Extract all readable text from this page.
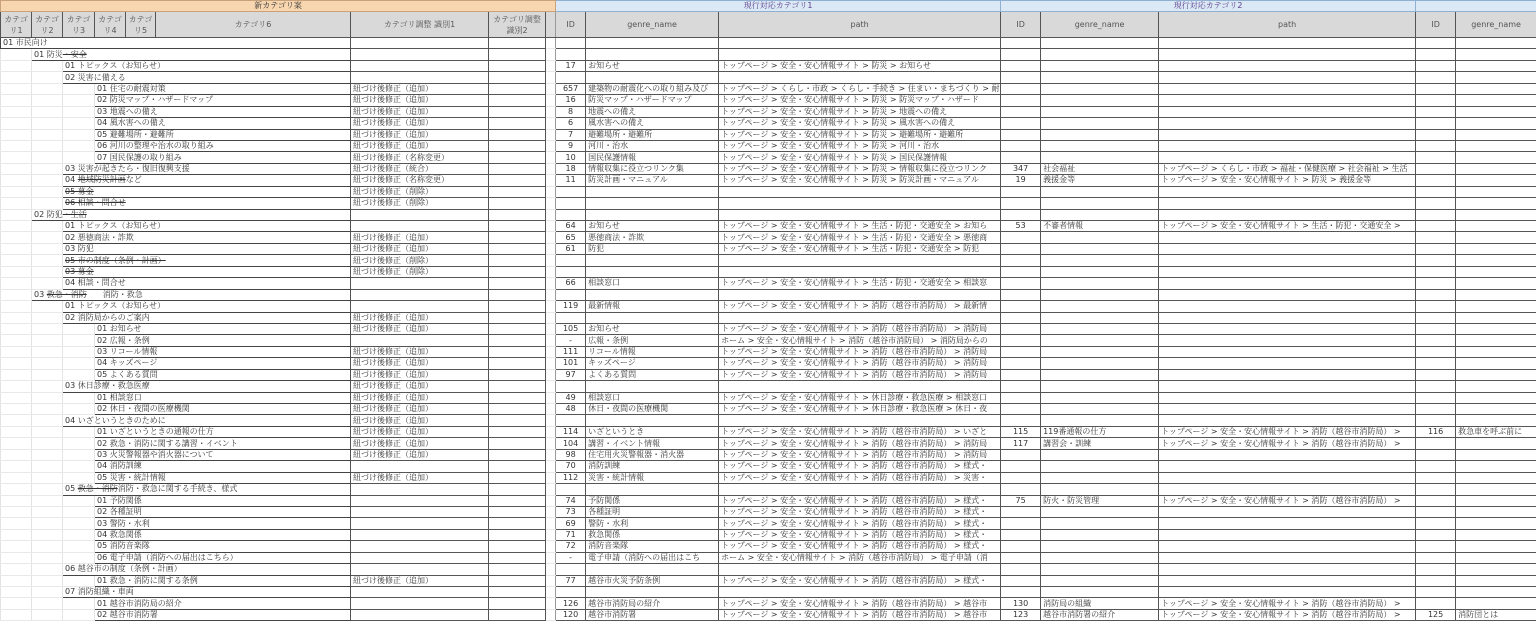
新カテゴリ案									現行対応カテゴリ1			現行対応カテゴリ2				
カテゴリ1	カテゴリ2	カテゴリ3	カテゴリ4	カテゴリ5	カテゴリ6	カテゴリ調整 識別1	カテゴリ調整 識別2		ID	genre_name	path	ID	genre_name	path	ID	genre_name
01 市民向け																
	01 防災・安全															
		01 トピックス（お知らせ）							17	お知らせ	トップページ > 安全・安心情報サイト > 防災 > お知らせ					
		02 災害に備える														
			01 住宅の耐震対策			紐づけ後修正（追加）			657	建築物の耐震化への取り組み及び	トップページ > くらし・市政 > くらし・手続き > 住まい・まちづくり > 耐					
			02 防災マップ・ハザードマップ			紐づけ後修正（追加）			16	防災マップ・ハザードマップ	トップページ > 安全・安心情報サイト > 防災 > 防災マップ・ハザード					
			03 地震への備え			紐づけ後修正（追加）			8	地震への備え	トップページ > 安全・安心情報サイト > 防災 > 地震への備え					
			04 風水害への備え			紐づけ後修正（追加）			6	風水害への備え	トップページ > 安全・安心情報サイト > 防災 > 風水害への備え					
			05 避難場所・避難所			紐づけ後修正（追加）			7	避難場所・避難所	トップページ > 安全・安心情報サイト > 防災 > 避難場所・避難所					
			06 河川の整理や治水の取り組み			紐づけ後修正（追加）			9	河川・治水	トップページ > 安全・安心情報サイト > 防災 > 河川・治水					
			07 国民保護の取り組み			紐づけ後修正（名称変更）			10	国民保護情報	トップページ > 安全・安心情報サイト > 防災 > 国民保護情報					
		03 災害が起きたら・復旧復興支援				紐づけ後修正（統合）			18	情報収集に役立つリンク集	トップページ > 安全・安心情報サイト > 防災 > 情報収集に役立つリンク	347	社会福祉	トップページ > くらし・市政 > 福祉・保健医療 > 社会福祉 > 生活		
		04 地域防災計画など				紐づけ後修正（名称変更）			11	防災計画・マニュアル	トップページ > 安全・安心情報サイト > 防災 > 防災計画・マニュアル	19	義援金等	トップページ > 安全・安心情報サイト > 防災 > 義援金等		
		05 募金				紐づけ後修正（削除）										
		06 相談・問合せ				紐づけ後修正（削除）										
	02 防犯・生活															
		01 トピックス（お知らせ）							64	お知らせ	トップページ > 安全・安心情報サイト > 生活・防犯・交通安全 > お知ら	53	不審者情報	トップページ > 安全・安心情報サイト > 生活・防犯・交通安全 >		
		02 悪徳商法・詐欺				紐づけ後修正（追加）			65	悪徳商法・詐欺	トップページ > 安全・安心情報サイト > 生活・防犯・交通安全 > 悪徳商					
		03 防犯				紐づけ後修正（追加）			61	防犯	トップページ > 安全・安心情報サイト > 生活・防犯・交通安全 > 防犯					
		05 市の制度（条例・計画）				紐づけ後修正（削除）										
		03 募金				紐づけ後修正（削除）										
		04 相談・問合せ							66	相談窓口	トップページ > 安全・安心情報サイト > 生活・防犯・交通安全 > 相談窓					
	03 救急・消防　　消防・救急															
		01 トピックス（お知らせ）							119	最新情報	トップページ > 安全・安心情報サイト > 消防（越谷市消防局） > 最新情					
		02 消防局からのご案内				紐づけ後修正（追加）										
			01 お知らせ			紐づけ後修正（追加）			105	お知らせ	トップページ > 安全・安心情報サイト > 消防（越谷市消防局） > 消防局					
			02 広報・条例						-	広報・条例	ホーム > 安全・安心情報サイト > 消防（越谷市消防局） > 消防局からの					
			03 リコール情報			紐づけ後修正（追加）			111	リコール情報	トップページ > 安全・安心情報サイト > 消防（越谷市消防局） > 消防局					
			04 キッズページ			紐づけ後修正（追加）			101	キッズページ	トップページ > 安全・安心情報サイト > 消防（越谷市消防局） > 消防局					
			05 よくある質問			紐づけ後修正（追加）			97	よくある質問	トップページ > 安全・安心情報サイト > 消防（越谷市消防局） > 消防局					
		03 休日診療・救急医療				紐づけ後修正（追加）										
			01 相談窓口			紐づけ後修正（追加）			49	相談窓口	トップページ > 安全・安心情報サイト > 休日診療・救急医療 > 相談窓口					
			02 休日・夜間の医療機関			紐づけ後修正（追加）			48	休日・夜間の医療機関	トップページ > 安全・安心情報サイト > 休日診療・救急医療 > 休日・夜					
		04 いざというときのために				紐づけ後修正（追加）										
			01 いざというときの通報の仕方			紐づけ後修正（追加）			114	いざというとき	トップページ > 安全・安心情報サイト > 消防（越谷市消防局） > いざと	115	119番通報の仕方	トップページ > 安全・安心情報サイト > 消防（越谷市消防局） >	116	救急車を呼ぶ前に
			02 救急・消防に関する講習・イベント			紐づけ後修正（追加）			104	講習・イベント情報	トップページ > 安全・安心情報サイト > 消防（越谷市消防局） > 消防局	117	講習会・訓練	トップページ > 安全・安心情報サイト > 消防（越谷市消防局） >		
			03 火災警報器や消火器について			紐づけ後修正（追加）			98	住宅用火災警報器・消火器	トップページ > 安全・安心情報サイト > 消防（越谷市消防局） > 消防局					
			04 消防訓練						70	消防訓練	トップページ > 安全・安心情報サイト > 消防（越谷市消防局） > 様式・					
			05 災害・統計情報			紐づけ後修正（追加）			112	災害・統計情報	トップページ > 安全・安心情報サイト > 消防（越谷市消防局） > 災害・					
		05 救急・消防消防・救急に関する手続き、様式														
			01 予防関係						74	予防関係	トップページ > 安全・安心情報サイト > 消防（越谷市消防局） > 様式・	75	防火・防災管理	トップページ > 安全・安心情報サイト > 消防（越谷市消防局） >		
			02 各種証明						73	各種証明	トップページ > 安全・安心情報サイト > 消防（越谷市消防局） > 様式・					
			03 警防・水利						69	警防・水利	トップページ > 安全・安心情報サイト > 消防（越谷市消防局） > 様式・					
			04 救急関係						71	救急関係	トップページ > 安全・安心情報サイト > 消防（越谷市消防局） > 様式・					
			05 消防音楽隊						72	消防音楽隊	トップページ > 安全・安心情報サイト > 消防（越谷市消防局） > 様式・					
			06 電子申請（消防への届出はこちら）						-	電子申請（消防への届出はこち	ホーム > 安全・安心情報サイト > 消防（越谷市消防局） > 電子申請（消					
		06 越谷市の制度（条例・計画）														
			01 救急・消防に関する条例			紐づけ後修正（追加）			77	越谷市火災予防条例	トップページ > 安全・安心情報サイト > 消防（越谷市消防局） > 様式・					
		07 消防組織・車両														
			01 越谷市消防局の紹介						126	越谷市消防局の紹介	トップページ > 安全・安心情報サイト > 消防（越谷市消防局） > 越谷市	130	消防局の組織	トップページ > 安全・安心情報サイト > 消防（越谷市消防局） >		
			02 越谷市消防署						120	越谷市消防署	トップページ > 安全・安心情報サイト > 消防（越谷市消防局） > 越谷市	123	越谷市消防署の紹介	トップページ > 安全・安心情報サイト > 消防（越谷市消防局） >	125	消防団とは
